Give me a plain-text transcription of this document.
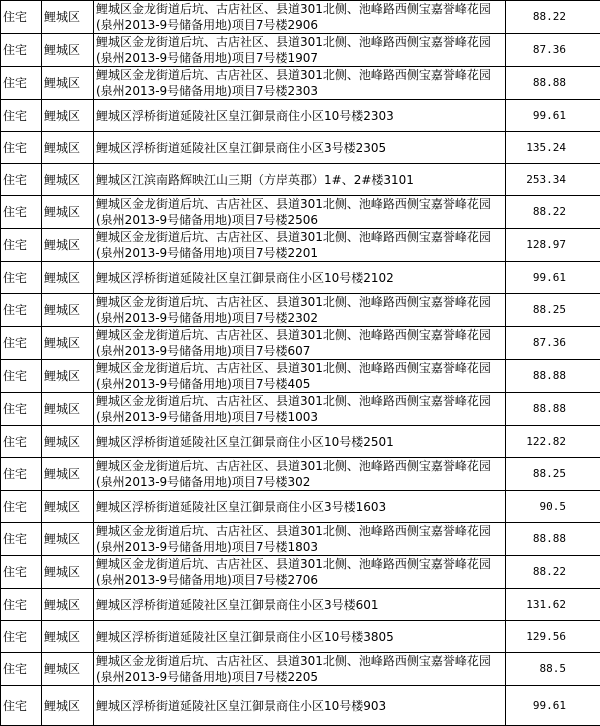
住宅	鲤城区	鲤城区金龙街道后坑、古店社区、县道301北侧、池峰路西侧宝嘉誉峰花园(泉州2013-9号储备用地)项目7号楼2906	88.22
住宅	鲤城区	鲤城区金龙街道后坑、古店社区、县道301北侧、池峰路西侧宝嘉誉峰花园(泉州2013-9号储备用地)项目7号楼1907	87.36
住宅	鲤城区	鲤城区金龙街道后坑、古店社区、县道301北侧、池峰路西侧宝嘉誉峰花园(泉州2013-9号储备用地)项目7号楼2303	88.88
住宅	鲤城区	鲤城区浮桥街道延陵社区皇江御景商住小区10号楼2303	99.61
住宅	鲤城区	鲤城区浮桥街道延陵社区皇江御景商住小区3号楼2305	135.24
住宅	鲤城区	鲤城区江滨南路辉映江山三期（方岸英郡）1#、2#楼3101	253.34
住宅	鲤城区	鲤城区金龙街道后坑、古店社区、县道301北侧、池峰路西侧宝嘉誉峰花园(泉州2013-9号储备用地)项目7号楼2506	88.22
住宅	鲤城区	鲤城区金龙街道后坑、古店社区、县道301北侧、池峰路西侧宝嘉誉峰花园(泉州2013-9号储备用地)项目7号楼2201	128.97
住宅	鲤城区	鲤城区浮桥街道延陵社区皇江御景商住小区10号楼2102	99.61
住宅	鲤城区	鲤城区金龙街道后坑、古店社区、县道301北侧、池峰路西侧宝嘉誉峰花园(泉州2013-9号储备用地)项目7号楼2302	88.25
住宅	鲤城区	鲤城区金龙街道后坑、古店社区、县道301北侧、池峰路西侧宝嘉誉峰花园(泉州2013-9号储备用地)项目7号楼607	87.36
住宅	鲤城区	鲤城区金龙街道后坑、古店社区、县道301北侧、池峰路西侧宝嘉誉峰花园(泉州2013-9号储备用地)项目7号楼405	88.88
住宅	鲤城区	鲤城区金龙街道后坑、古店社区、县道301北侧、池峰路西侧宝嘉誉峰花园(泉州2013-9号储备用地)项目7号楼1003	88.88
住宅	鲤城区	鲤城区浮桥街道延陵社区皇江御景商住小区10号楼2501	122.82
住宅	鲤城区	鲤城区金龙街道后坑、古店社区、县道301北侧、池峰路西侧宝嘉誉峰花园(泉州2013-9号储备用地)项目7号楼302	88.25
住宅	鲤城区	鲤城区浮桥街道延陵社区皇江御景商住小区3号楼1603	90.5
住宅	鲤城区	鲤城区金龙街道后坑、古店社区、县道301北侧、池峰路西侧宝嘉誉峰花园(泉州2013-9号储备用地)项目7号楼1803	88.88
住宅	鲤城区	鲤城区金龙街道后坑、古店社区、县道301北侧、池峰路西侧宝嘉誉峰花园(泉州2013-9号储备用地)项目7号楼2706	88.22
住宅	鲤城区	鲤城区浮桥街道延陵社区皇江御景商住小区3号楼601	131.62
住宅	鲤城区	鲤城区浮桥街道延陵社区皇江御景商住小区10号楼3805	129.56
住宅	鲤城区	鲤城区金龙街道后坑、古店社区、县道301北侧、池峰路西侧宝嘉誉峰花园(泉州2013-9号储备用地)项目7号楼2205	88.5
住宅	鲤城区	鲤城区浮桥街道延陵社区皇江御景商住小区10号楼903	99.61
